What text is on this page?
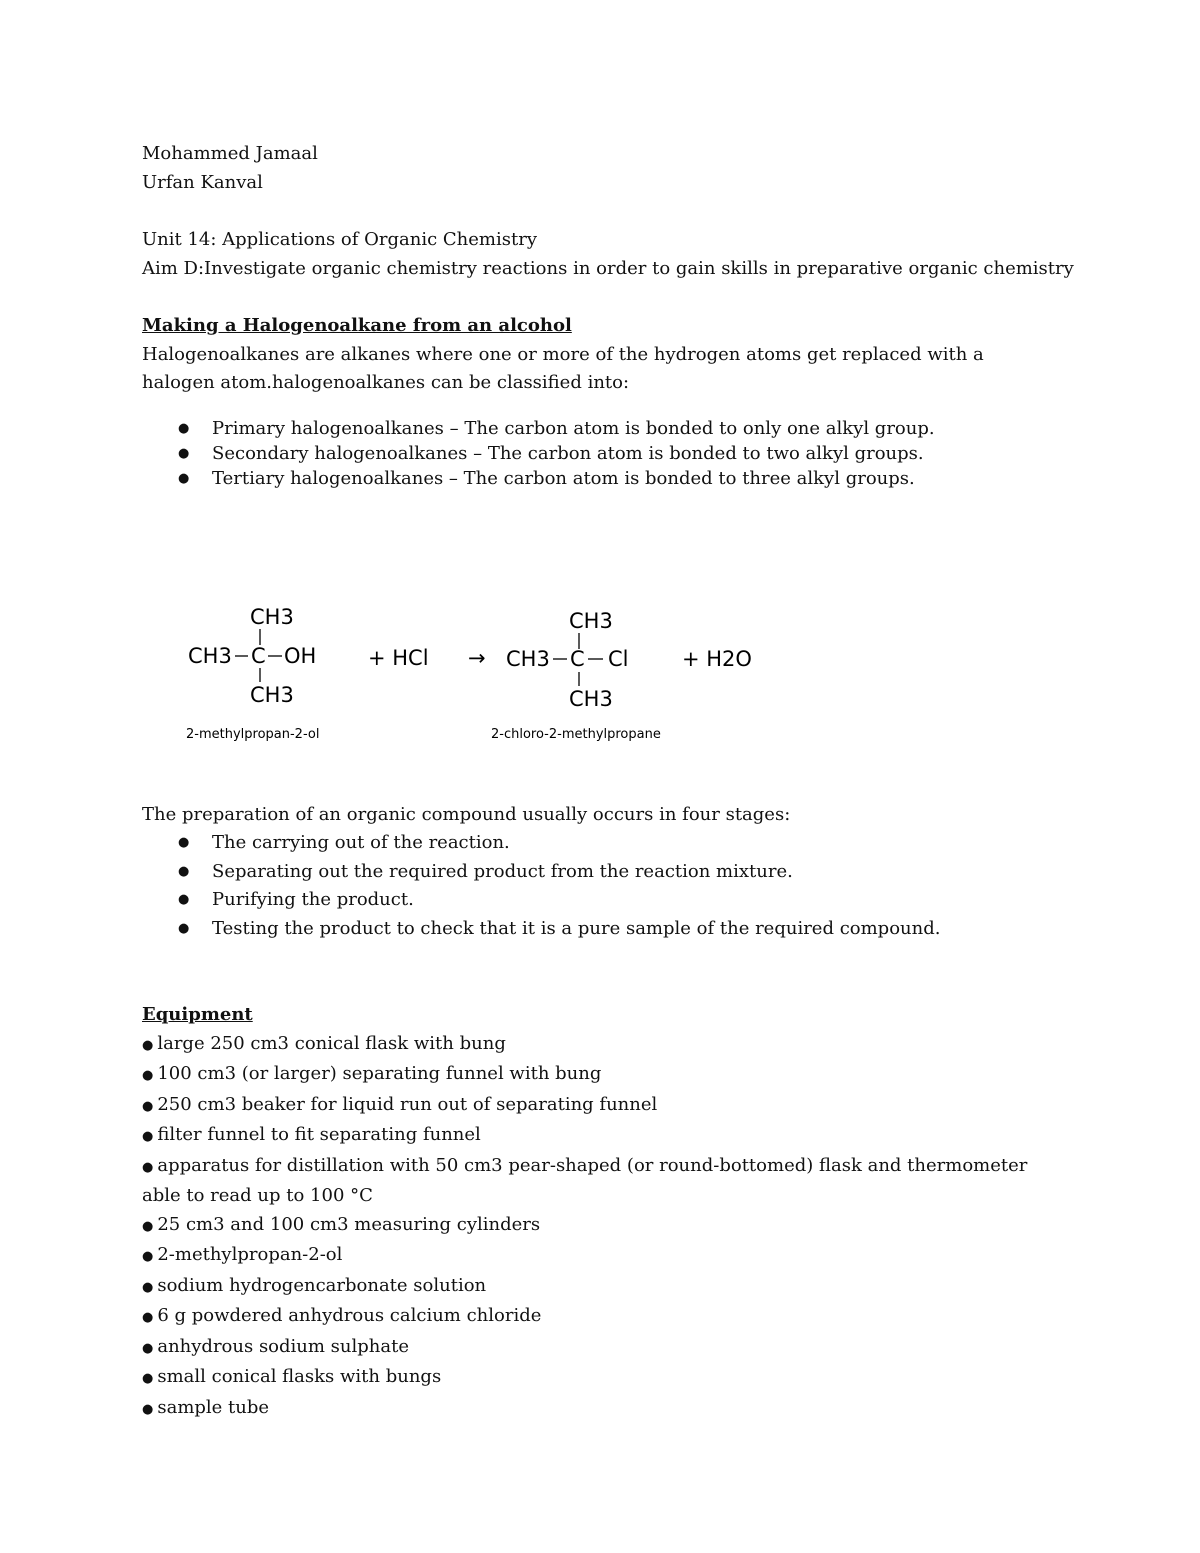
Mohammed Jamaal
Urfan Kanval
Unit 14: Applications of Organic Chemistry
Aim D:Investigate organic chemistry reactions in order to gain skills in preparative organic chemistry
Making a Halogenoalkane from an alcohol
Halogenoalkanes are alkanes where one or more of the hydrogen atoms get replaced with a halogen atom.halogenoalkanes can be classified into:
● Primary halogenoalkanes – The carbon atom is bonded to only one alkyl group.
● Secondary halogenoalkanes – The carbon atom is bonded to two alkyl groups.
● Tertiary halogenoalkanes – The carbon atom is bonded to three alkyl groups.
The preparation of an organic compound usually occurs in four stages:
● The carrying out of the reaction.
● Separating out the required product from the reaction mixture.
● Purifying the product.
● Testing the product to check that it is a pure sample of the required compound.
Equipment
● large 250 cm3 conical flask with bung
● 100 cm3 (or larger) separating funnel with bung
● 250 cm3 beaker for liquid run out of separating funnel
● filter funnel to fit separating funnel
● apparatus for distillation with 50 cm3 pear-shaped (or round-bottomed) flask and thermometer able to read up to 100 °C
● 25 cm3 and 100 cm3 measuring cylinders
● 2-methylpropan-2-ol
● sodium hydrogencarbonate solution
● 6 g powdered anhydrous calcium chloride
● anhydrous sodium sulphate
● small conical flasks with bungs
● sample tube
CH3
CH3 C OH
CH3
+ HCl →
CH3
CH3 C Cl
CH3
+ H2O
2-methylpropan-2-ol	2-chloro-2-methylpropane
